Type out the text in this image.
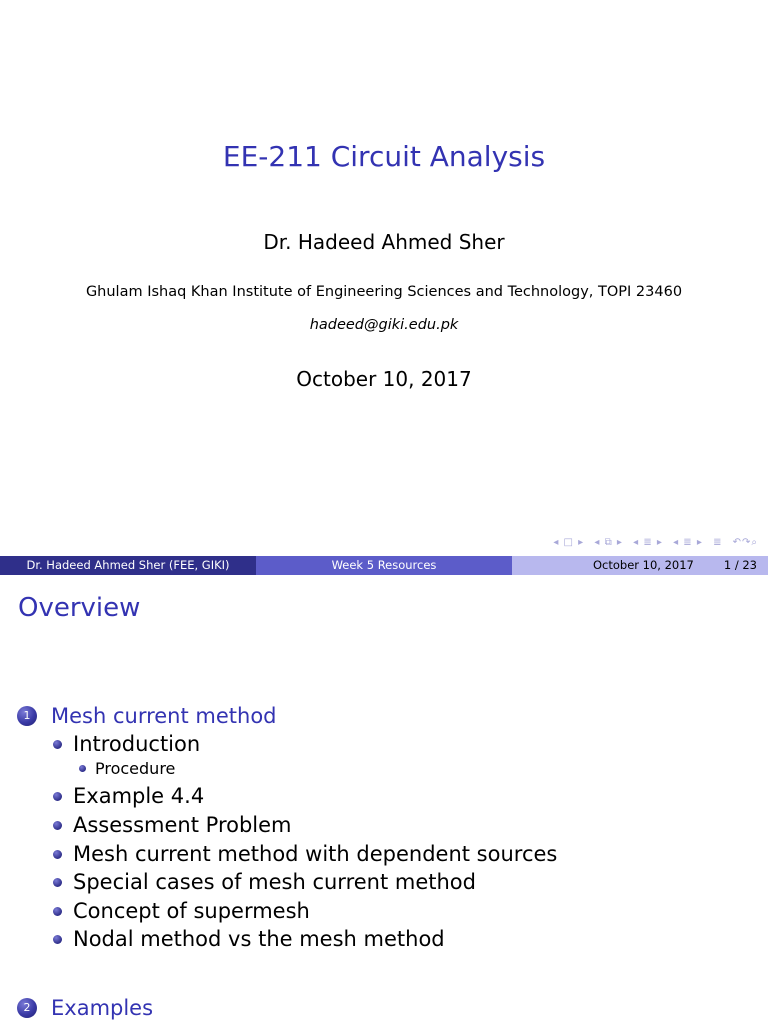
EE-211 Circuit Analysis
Dr. Hadeed Ahmed Sher
Ghulam Ishaq Khan Institute of Engineering Sciences and Technology, TOPI 23460
hadeed@giki.edu.pk
October 10, 2017
◂ □ ▸ ◂ ⧉ ▸ ◂ ≣ ▸ ◂ ≣ ▸ ≣ ↶↷⌕
Dr. Hadeed Ahmed Sher (FEE, GIKI)	Week 5 Resources	October 10, 2017	1 / 23
Overview
1 Mesh current method
Introduction
Procedure
Example 4.4
Assessment Problem
Mesh current method with dependent sources
Special cases of mesh current method
Concept of supermesh
Nodal method vs the mesh method
2 Examples
